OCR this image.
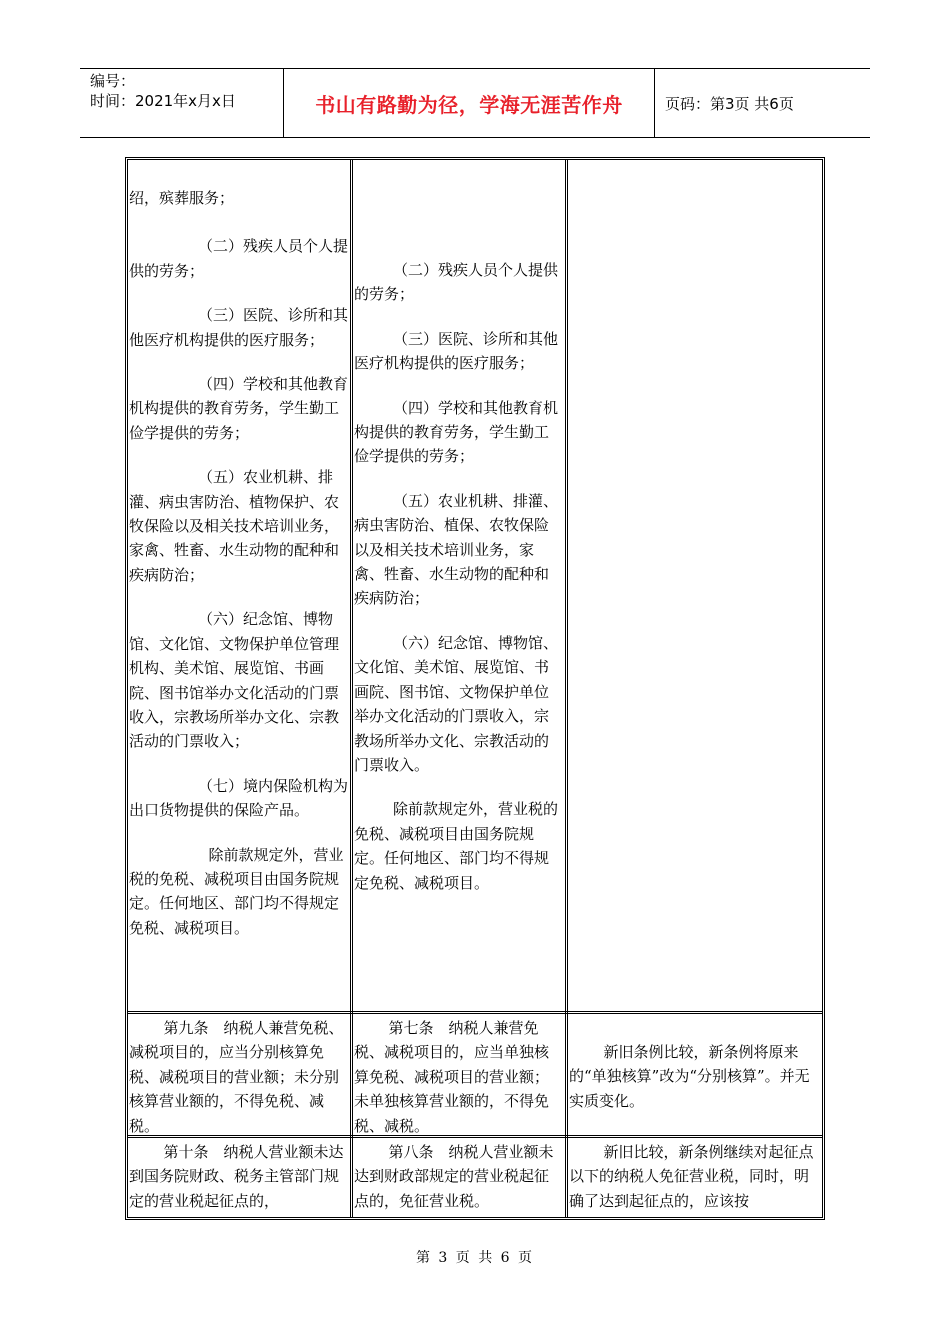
编号：
时间：2021年x月x日	书山有路勤为径，学海无涯苦作舟	页码：第3页 共6页

绍，殡葬服务；

（二）残疾人员个人提供的劳务；

（三）医院、诊所和其他医疗机构提供的医疗服务；

（四）学校和其他教育机构提供的教育劳务，学生勤工俭学提供的劳务；

（五）农业机耕、排灌、病虫害防治、植物保护、农牧保险以及相关技术培训业务，家禽、牲畜、水生动物的配种和疾病防治；

（六）纪念馆、博物馆、文化馆、文物保护单位管理机构、美术馆、展览馆、书画院、图书馆举办文化活动的门票收入，宗教场所举办文化、宗教活动的门票收入；

（七）境内保险机构为出口货物提供的保险产品。

除前款规定外，营业税的免税、减税项目由国务院规定。任何地区、部门均不得规定免税、减税项目。

（二）残疾人员个人提供的劳务；

（三）医院、诊所和其他医疗机构提供的医疗服务；

（四）学校和其他教育机构提供的教育劳务，学生勤工俭学提供的劳务；

（五）农业机耕、排灌、病虫害防治、植保、农牧保险以及相关技术培训业务，家禽、牲畜、水生动物的配种和疾病防治；

（六）纪念馆、博物馆、文化馆、美术馆、展览馆、书画院、图书馆、文物保护单位举办文化活动的门票收入，宗教场所举办文化、宗教活动的门票收入。

除前款规定外，营业税的免税、减税项目由国务院规定。任何地区、部门均不得规定免税、减税项目。

第九条　纳税人兼营免税、减税项目的，应当分别核算免税、减税项目的营业额；未分别核算营业额的，不得免税、减税。

第七条　纳税人兼营免税、减税项目的，应当单独核算免税、减税项目的营业额；未单独核算营业额的，不得免税、减税。

新旧条例比较，新条例将原来的“单独核算”改为“分别核算”。并无实质变化。

第十条　纳税人营业额未达到国务院财政、税务主管部门规定的营业税起征点的，

第八条　纳税人营业额未达到财政部规定的营业税起征点的，免征营业税。

新旧比较，新条例继续对起征点以下的纳税人免征营业税，同时，明确了达到起征点的，应该按

第 3 页 共 6 页
